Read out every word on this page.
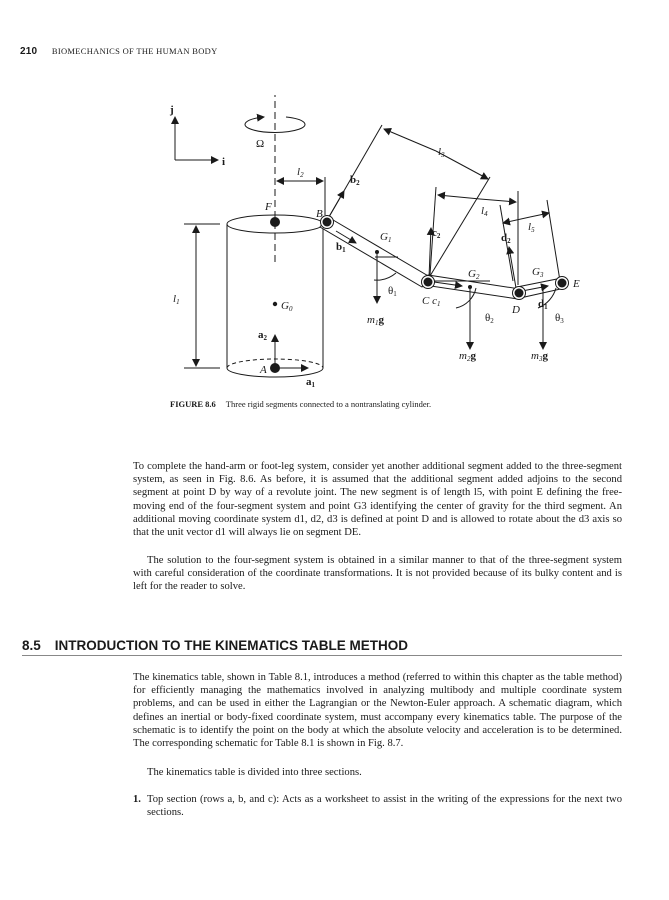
210 BIOMECHANICS OF THE HUMAN BODY
j
i
Ω
l2	b2
l3
l4
l5
F
B
G1
c2	d2
b1
G2	G3
E
l1
θ1
C c1	D d1
G0
m1g	θ2	θ3
a2
m2g	m3g
A
a1
FIGURE 8.6 Three rigid segments connected to a nontranslating cylinder.

To complete the hand-arm or foot-leg system, consider yet another additional segment added to the three-segment system, as seen in Fig. 8.6. As before, it is assumed that the additional segment added adjoins to the second segment at point D by way of a revolute joint. The new segment is of length l5, with point E defining the free-moving end of the four-segment system and point G3 identifying the center of gravity for the third segment. An additional moving coordinate system d1, d2, d3 is defined at point D and is allowed to rotate about the d3 axis so that the unit vector d1 will always lie on segment DE.

The solution to the four-segment system is obtained in a similar manner to that of the three-segment system with careful consideration of the coordinate transformations. It is not provided because of its bulky content and is left for the reader to solve.

8.5 INTRODUCTION TO THE KINEMATICS TABLE METHOD

The kinematics table, shown in Table 8.1, introduces a method (referred to within this chapter as the table method) for efficiently managing the mathematics involved in analyzing multibody and multiple coordinate system problems, and can be used in either the Lagrangian or the Newton-Euler approach. A schematic diagram, which defines an inertial or body-fixed coordinate system, must accompany every kinematics table. The purpose of the schematic is to identify the point on the body at which the absolute velocity and acceleration is to be determined. The corresponding schematic for Table 8.1 is shown in Fig. 8.7.

The kinematics table is divided into three sections.

1. Top section (rows a, b, and c): Acts as a worksheet to assist in the writing of the expressions for the next two sections.
